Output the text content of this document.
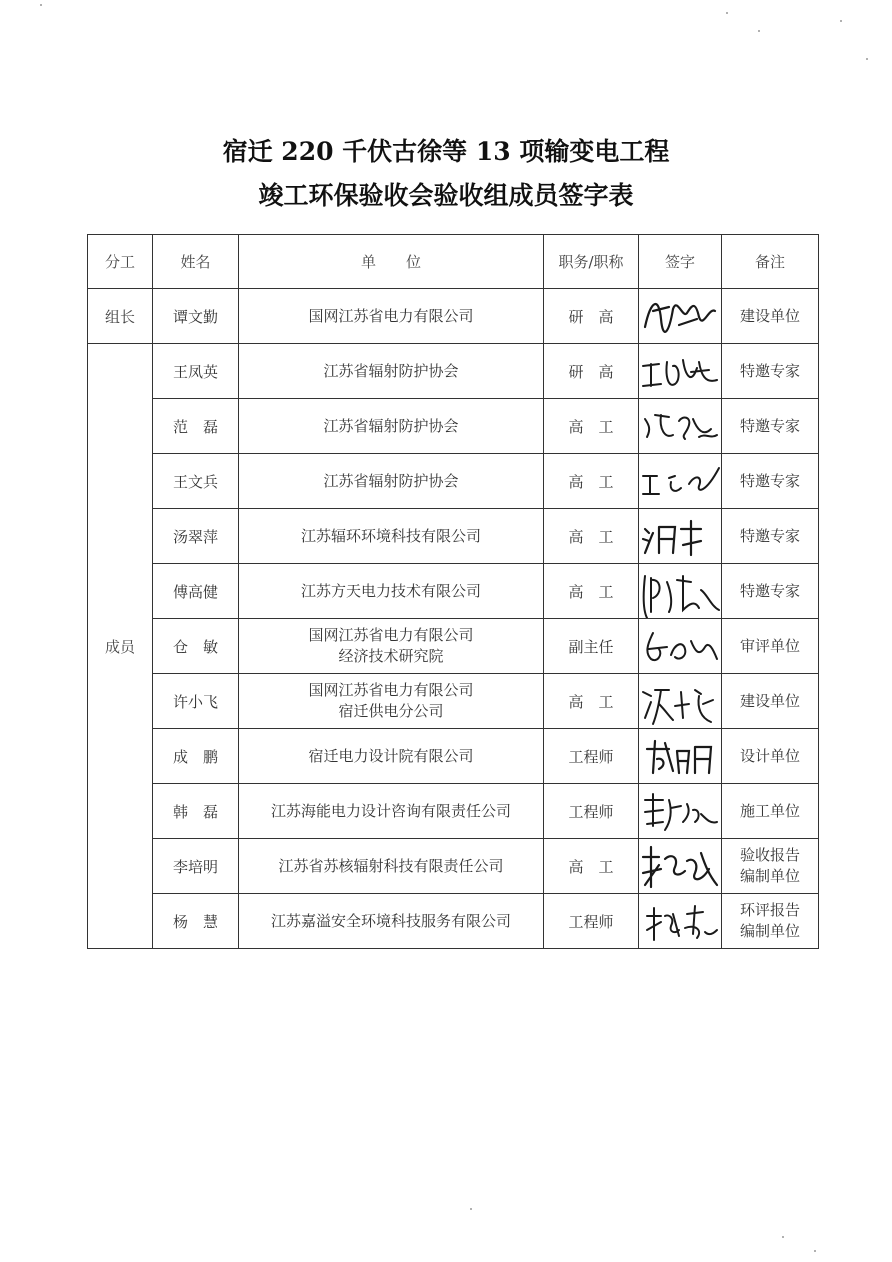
宿迁 220 千伏古徐等 13 项输变电工程
竣工环保验收会验收组成员签字表
分工	姓名	单　　位	职务/职称	签字	备注
组长	谭文勤	国网江苏省电力有限公司	研　高		建设单位

成员	王凤英	江苏省辐射防护协会	研　高		特邀专家

	范　磊	江苏省辐射防护协会	高　工		特邀专家

	王文兵	江苏省辐射防护协会	高　工		特邀专家

	汤翠萍	江苏辐环环境科技有限公司	高　工		特邀专家

	傅高健	江苏方天电力技术有限公司	高　工		特邀专家

	仓　敏	国网江苏省电力有限公司
经济技术研究院	副主任		审评单位

	许小飞	国网江苏省电力有限公司
宿迁供电分公司	高　工		建设单位

	成　鹏	宿迁电力设计院有限公司	工程师		设计单位

	韩　磊	江苏海能电力设计咨询有限责任公司	工程师		施工单位

	李培明	江苏省苏核辐射科技有限责任公司	高　工		验收报告
编制单位

	杨　慧	江苏嘉溢安全环境科技服务有限公司	工程师		环评报告
编制单位
